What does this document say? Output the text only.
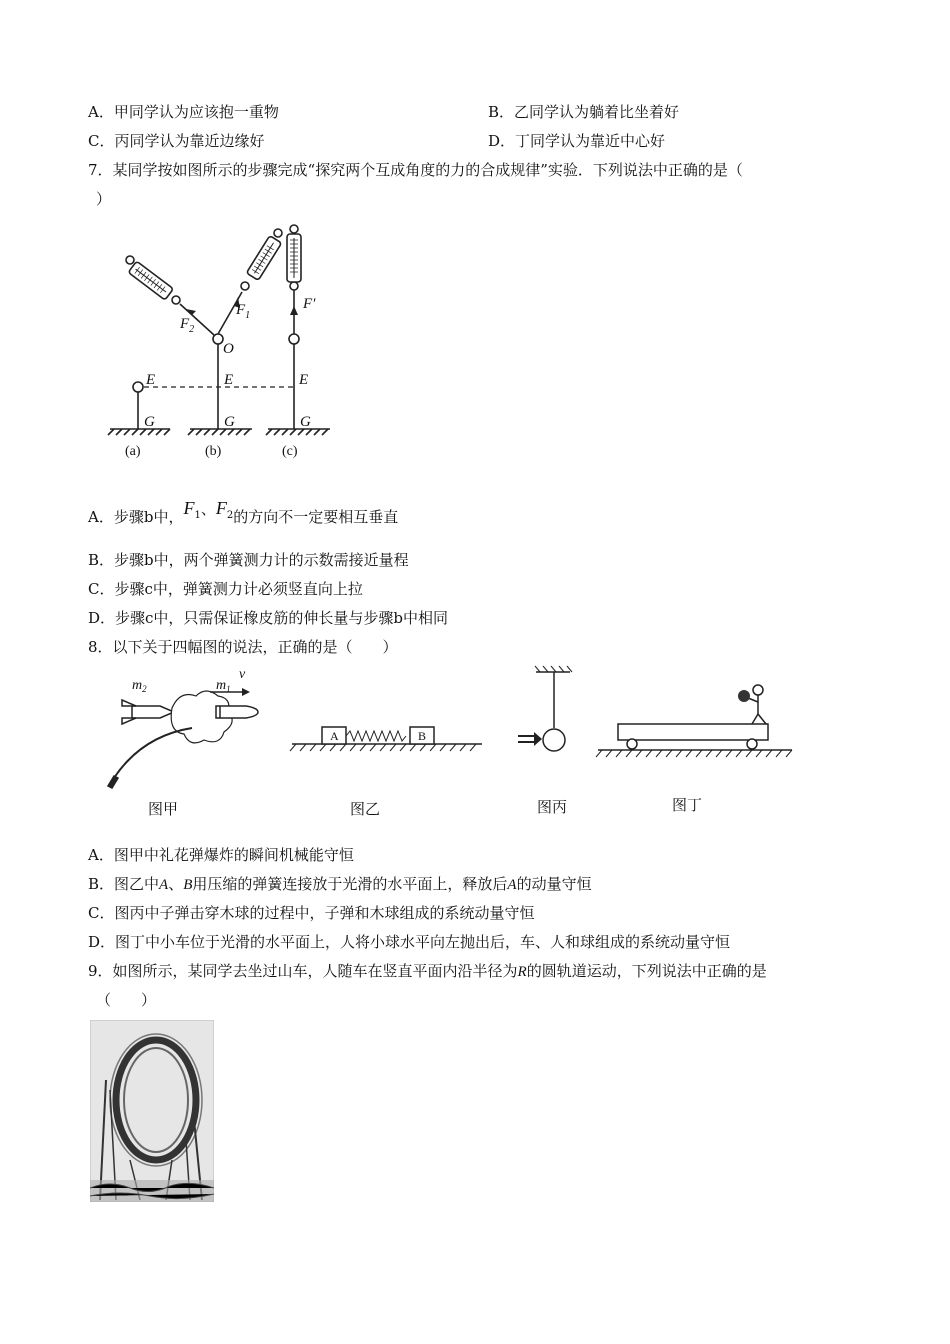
A．甲同学认为应该抱一重物	B．乙同学认为躺着比坐着好
C．丙同学认为靠近边缘好	D．丁同学认为靠近中心好
7．某同学按如图所示的步骤完成“探究两个互成角度的力的合成规律”实验．下列说法中正确的是（
）
$F_2$
$F_1$
F′
O
E	E	E
G	G	G
(a)	(b)	(c)
A．步骤b中，$F_1$、$F_2$的方向不一定要相互垂直
B．步骤b中，两个弹簧测力计的示数需接近量程
C．步骤c中，弹簧测力计必须竖直向上拉
D．步骤c中，只需保证橡皮筋的伸长量与步骤b中相同
8．以下关于四幅图的说法，正确的是（　　）
$m_2$	$m_1$
v
A	B
图甲	图乙	图丙	图丁
A．图甲中礼花弹爆炸的瞬间机械能守恒
B．图乙中A、B用压缩的弹簧连接放于光滑的水平面上，释放后A的动量守恒
C．图丙中子弹击穿木球的过程中，子弹和木球组成的系统动量守恒
D．图丁中小车位于光滑的水平面上，人将小球水平向左抛出后，车、人和球组成的系统动量守恒
9．如图所示，某同学去坐过山车，人随车在竖直平面内沿半径为R的圆轨道运动，下列说法中正确的是
（　　）
